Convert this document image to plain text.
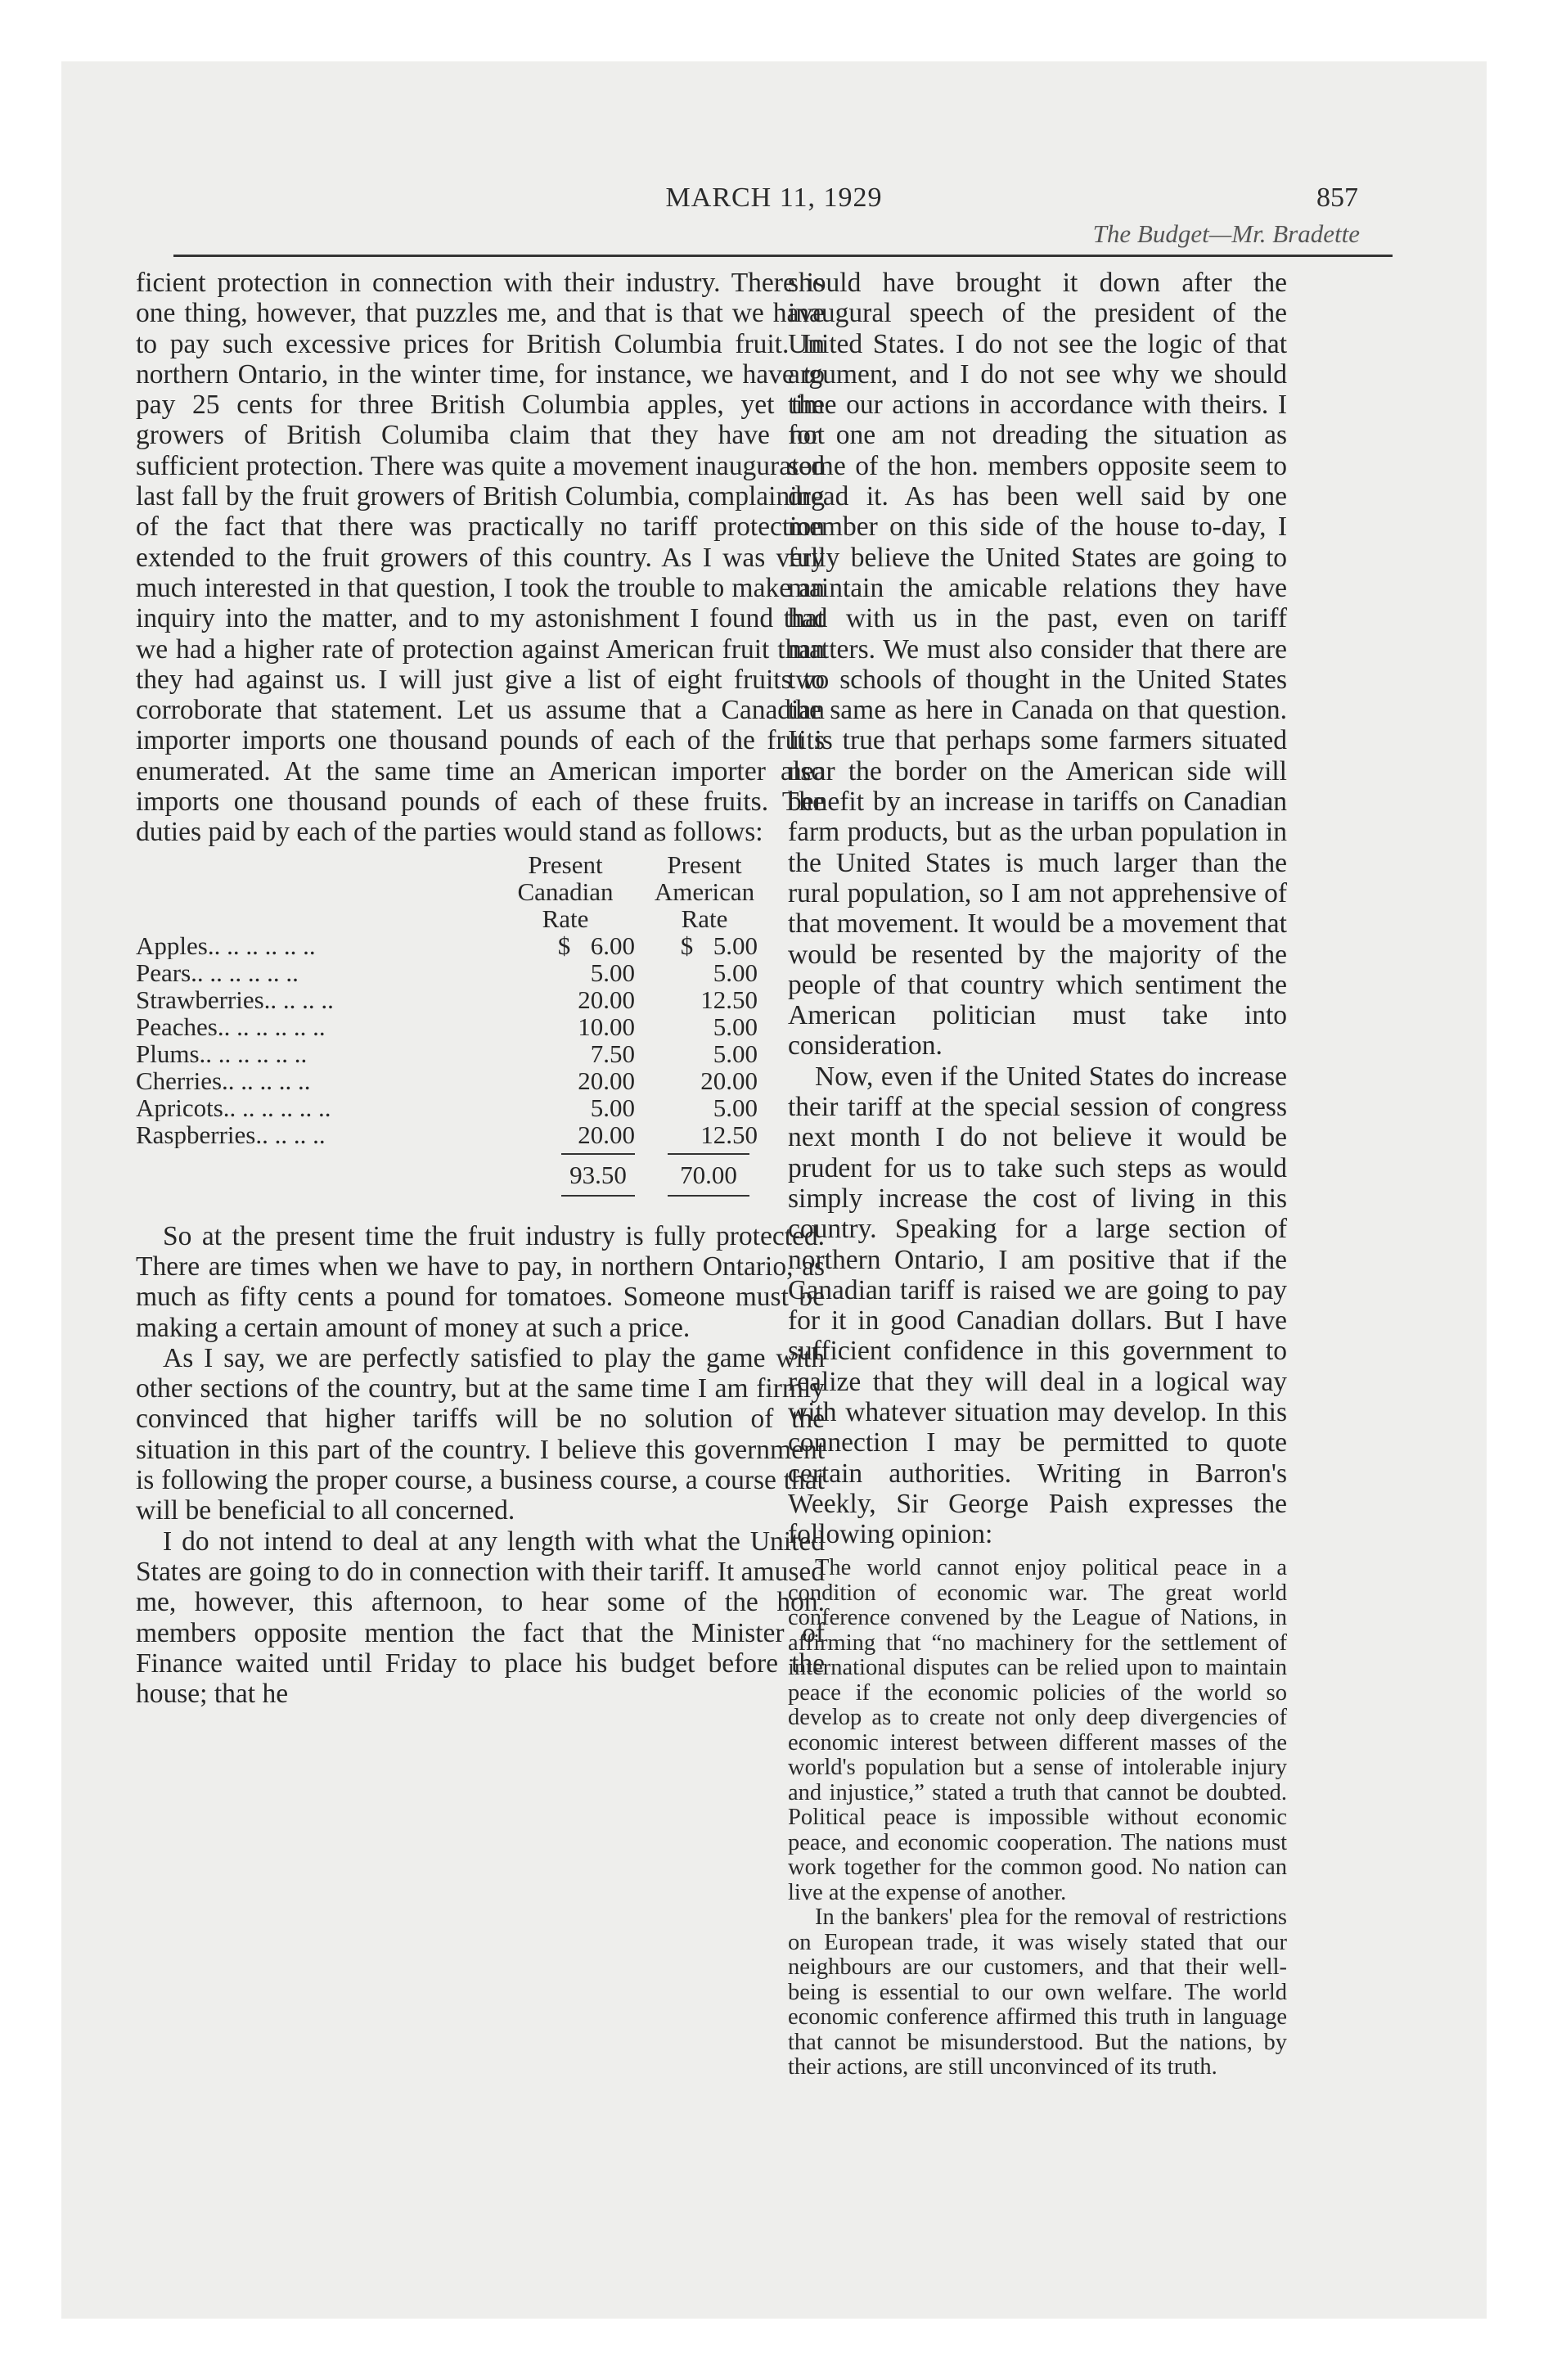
MARCH 11, 1929	857
The Budget—Mr. Bradette

ficient protection in connection with their industry. There is one thing, however, that puzzles me, and that is that we have to pay such excessive prices for British Columbia fruit. In northern Ontario, in the winter time, for instance, we have to pay 25 cents for three British Columbia apples, yet the growers of British Columiba claim that they have not sufficient protection. There was quite a movement inaugurated last fall by the fruit growers of British Columbia, complaining of the fact that there was practically no tariff protection extended to the fruit growers of this country. As I was very much interested in that question, I took the trouble to make an inquiry into the matter, and to my astonishment I found that we had a higher rate of protection against American fruit than they had against us. I will just give a list of eight fruits to corroborate that statement. Let us assume that a Canadian importer imports one thousand pounds of each of the fruits enumerated. At the same time an American importer also imports one thousand pounds of each of these fruits. The duties paid by each of the parties would stand as follows:

Present
Canadian
Rate
Present
American
Rate
Apples.. .. .. .. .. ..	$ 6.00	$ 5.00
Pears.. .. .. .. .. ..	5.00	5.00
Strawberries.. .. .. ..	20.00	12.50
Peaches.. .. .. .. .. ..	10.00	5.00
Plums.. .. .. .. .. ..	7.50	5.00
Cherries.. .. .. .. ..	20.00	20.00
Apricots.. .. .. .. .. ..	5.00	5.00
Raspberries.. .. .. ..	20.00	12.50
93.50	70.00

So at the present time the fruit industry is fully protected. There are times when we have to pay, in northern Ontario, as much as fifty cents a pound for tomatoes. Someone must be making a certain amount of money at such a price.

As I say, we are perfectly satisfied to play the game with other sections of the country, but at the same time I am firmly convinced that higher tariffs will be no solution of the situation in this part of the country. I believe this government is following the proper course, a business course, a course that will be beneficial to all concerned.

I do not intend to deal at any length with what the United States are going to do in connection with their tariff. It amused me, however, this afternoon, to hear some of the hon. members opposite mention the fact that the Minister of Finance waited until Friday to place his budget before the house; that he

should have brought it down after the inaugural speech of the president of the United States. I do not see the logic of that argument, and I do not see why we should time our actions in accordance with theirs. I for one am not dreading the situation as some of the hon. members opposite seem to dread it. As has been well said by one member on this side of the house to-day, I fully believe the United States are going to maintain the amicable relations they have had with us in the past, even on tariff matters. We must also consider that there are two schools of thought in the United States the same as here in Canada on that question. It is true that perhaps some farmers situated near the border on the American side will benefit by an increase in tariffs on Canadian farm products, but as the urban population in the United States is much larger than the rural population, so I am not apprehensive of that movement. It would be a movement that would be resented by the majority of the people of that country which sentiment the American politician must take into consideration.

Now, even if the United States do increase their tariff at the special session of congress next month I do not believe it would be prudent for us to take such steps as would simply increase the cost of living in this country. Speaking for a large section of northern Ontario, I am positive that if the Canadian tariff is raised we are going to pay for it in good Canadian dollars. But I have sufficient confidence in this government to realize that they will deal in a logical way with whatever situation may develop. In this connection I may be permitted to quote certain authorities. Writing in Barron's Weekly, Sir George Paish expresses the following opinion:

The world cannot enjoy political peace in a condition of economic war. The great world conference convened by the League of Nations, in affirming that “no machinery for the settlement of international disputes can be relied upon to maintain peace if the economic policies of the world so develop as to create not only deep divergencies of economic interest between different masses of the world's population but a sense of intolerable injury and injustice,” stated a truth that cannot be doubted. Political peace is impossible without economic peace, and economic cooperation. The nations must work together for the common good. No nation can live at the expense of another.

In the bankers' plea for the removal of restrictions on European trade, it was wisely stated that our neighbours are our customers, and that their well-being is essential to our own welfare. The world economic conference affirmed this truth in language that cannot be misunderstood. But the nations, by their actions, are still unconvinced of its truth.
